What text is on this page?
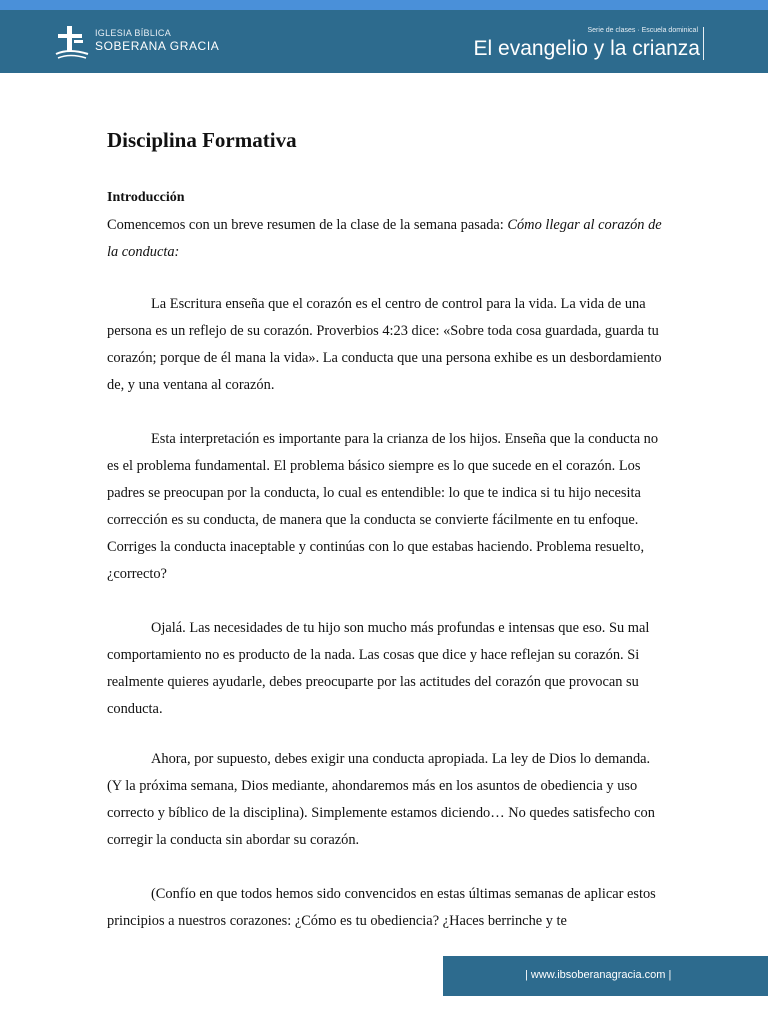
IGLESIA BÍBLICA
SOBERANA GRACIA
Serie de clases · Escuela dominical
El evangelio y la crianza
Disciplina Formativa
Introducción

Comencemos con un breve resumen de la clase de la semana pasada: Cómo llegar al corazón de la conducta:

La Escritura enseña que el corazón es el centro de control para la vida. La vida de una persona es un reflejo de su corazón. Proverbios 4:23 dice: «Sobre toda cosa guardada, guarda tu corazón; porque de él mana la vida». La conducta que una persona exhibe es un desbordamiento de, y una ventana al corazón.

Esta interpretación es importante para la crianza de los hijos. Enseña que la conducta no es el problema fundamental. El problema básico siempre es lo que sucede en el corazón. Los padres se preocupan por la conducta, lo cual es entendible: lo que te indica si tu hijo necesita corrección es su conducta, de manera que la conducta se convierte fácilmente en tu enfoque. Corriges la conducta inaceptable y continúas con lo que estabas haciendo. Problema resuelto, ¿correcto?

Ojalá. Las necesidades de tu hijo son mucho más profundas e intensas que eso. Su mal comportamiento no es producto de la nada. Las cosas que dice y hace reflejan su corazón. Si realmente quieres ayudarle, debes preocuparte por las actitudes del corazón que provocan su conducta.

Ahora, por supuesto, debes exigir una conducta apropiada. La ley de Dios lo demanda. (Y la próxima semana, Dios mediante, ahondaremos más en los asuntos de obediencia y uso correcto y bíblico de la disciplina). Simplemente estamos diciendo… No quedes satisfecho con corregir la conducta sin abordar su corazón.

(Confío en que todos hemos sido convencidos en estas últimas semanas de aplicar estos principios a nuestros corazones: ¿Cómo es tu obediencia? ¿Haces berrinche y te

| www.ibsoberanagracia.com |
